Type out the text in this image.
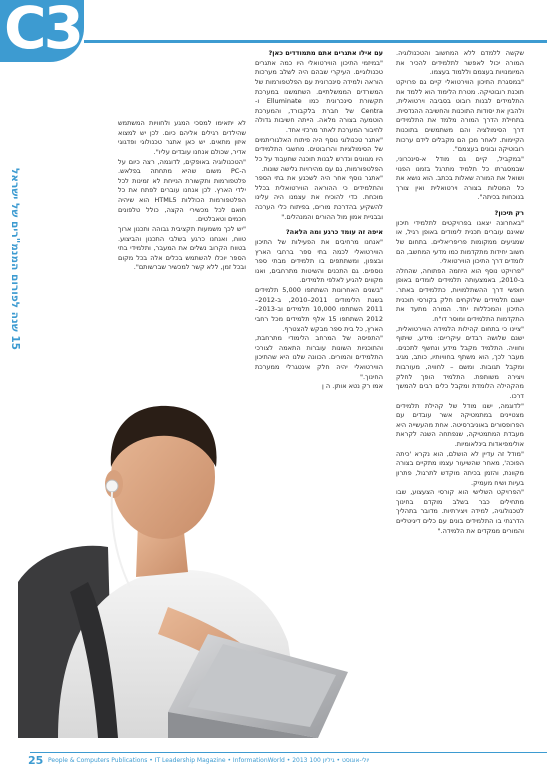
C3
15 שנה לפורום המנמ"רים של ישראל

שקשה ללמדם ללא המחשוב והטכנולוגיה. המורה יכול לאפשר לתלמידים להכיר את המיומנויות בעצמם וללמוד בעצמו.

"במסגרת התיכון הווירטואלי קיים גם פרויקט תוכנת רובוטיקה. מטרת הלימוד הוא ללמד את התלמידים לבנות רובוט בסביבה וירטואלית, ולהבין את יסודות התוכנות והחשיבה ההנדסית. בתחילת הדרך המורה מלמד את התלמידים דרך הסימולציה והם משתמשים בתוכנות הקיימות. לאחר מכן הם מקבלים לידם ערכות רובוטיקה ובונים בעצמם".

"במקביל, קיים גם מודל א-סינכרוני, שבמסגרתו כל תלמיד מתרגל בזמנו הפנוי ושואל את המורה שאלות בכתב. הוא נושא את כל המטלות בצורה וירטואלית ואין צורך בנוכחות בכיתה".

רק תיכון?

"באחרונה יצאנו בפרויקטים לתלמידי תיכון שאינם עוברים תכנית לימודים באופן רגיל, או שמגיעים ממקומות פריפריאליים. בתחום של חשוב יחידות מתקדמות כמו מדעי המחשב, הם לומדים דרך התיכון הווירטואלי.

"פרויקט נוסף הוא היוזמה הפתוחה, שהחלה ב-2010, באמצעותה תלמידים לומדים באופן חופשי דרך ההשתלמויות, כתלמידים באתר. ישנם תלמידים שלוקחים חלק בקורסי תוכנית התיכון והמכללות יחד. המורה מתעד את התקדמות התלמידים ומוסר דו"ח.

"ציינו כי בתחום קהילות הלמידה הווירטואלית, ישנם שלושה רבדים עיקריים: מידע, שיתוף וחוויה. התלמיד מקבל מידע ונחשף לתכנים. מעבר לכך, הוא משתף בחוויותיו, כותב, מגיב ומקבל תגובות. ומשם – לחוויה, מעורבות ויצירה משותפת. התלמיד הופך לחלק מהקהילה הלומדת ומקבל כלים רבים להמשך דרכו.

"לדוגמה, ישנו מודל של קהילת תלמידים מצטיינים במתמטיקה אשר עובדים עם הפרופסורים באוניברסיטה. אחת מהעשייה היא מעבדת המתמטיקה, שנפתחה השנה לקראת אולימפיאדות בינלאומיות.

"מודל זה עדיין לא הושלם, הוא נקרא 'כיתה הפוכה', מאחר שהשיעור עצמו מתקיים בצורה מקוונת, והזמן בכיתה מוקדש לתרגול, פתרון בעיות ושיח מעמיק.

"הפרויקט השלישי הוא קורסי הצעצוע, שבו מתחילים כבר בשלב מוקדם בחינוך לטכנולוגיה, למידה ויצירתיות. מדובר בתהליך הדרגתי בו התלמידים בונים עם כלים דיגיטליים והמורים ממקדים את הלמידה."

עם אילו אתגרים אתם מתמודדים כאן?

"במיזמי התיכון הווירטואלי היו כמה אתגרים טכנולוגיים. העיקרי שבהם היה לשלב מערכות הוראה ולמידה סינכרונית עם הפלטפורמות של המשרדים הממשלתיים. השתמשנו במערכת תקשורת סינכרונית כמו Elluminate ו-Centra של חברת בלקבורד, והמערכת הוטמעה בצורה מלאה. הייתה חשיבות גדולה לחיבור המערכת לאתר מרכזי אחד.

"אתגר טכנולוגי נוסף היה פיתוח האלגוריתמים של הסימולציות והרובוטים. מחשבי התלמידים היו מגוונים ונדרש לבנות תוכנה שתעבוד על כל הפלטפורמות, גם עם מהירויות גלישה שונות.

"אתגר נוסף אחר היה לשכנע את בתי הספר והתלמידים כי ההוראה הווירטואלית בכלל מוכחת. כדי להוכיח את עצמנו היה עלינו להשקיע בהדרכת מורים, בפיתוח כלי הערכה ובבניית אמון מול ההורים והמנהלים."

איפה זה עומד כרגע ומה הלאה?

"אנחנו מרחיבים את הפעילות של התיכון הווירטואלי לכמה בתי ספר ברחבי הארץ ובצפון, ומשתתפים בו תלמידים מבתי ספר נוספים. גם התכנים והשיטות מתרחבים, ואנו מקווים להגיע לאלפי תלמידים.

"בשנים האחרונות השתתפו 5,000 תלמידים בשנת הלימודים 2011–2010, ב-2012–2011 השתתפו 10,000 תלמידים וב-2013–2012 השתתפו 15 אלף תלמידים מכל רחבי הארץ, כל בית ספר מבקש להצטרף.

"התפיסה של המרחב הלימודי מתרחבת, והתוכניות השונות עוברות התאמה לצורכי התלמידים והמורים. הכוונה שלנו היא שהתיכון הווירטואלי יהיה חלק אינטגרלי ממערכת החינוך."

אמו רק נטא אותן. ה ן

לא יתאימו למסכי המגע ולחוויות המשתמש שהילדים רגילים אליהם כיום. לכן יש למצוא איזון מתאים. יש כאן אתגר טכנולוגי ופדגוגי אדיר, שכולם אנחנו עובדים עליו".

"הטכנולוגיה באופקים, לדוגמה, רצה כיום על ה-PC משום שהיא מתחתה בפלאש. פלטפורמות ותקשורת הנייחת לא זמינות לכל ילדי הארץ. לכן אנחנו עוברים לפתח את כל הפלטפורמות הכוללות HTML5 הוא שיהיה תואם לכל מכשירי הקצה, כולל טלפונים חכמים וטאבלטים.

"יש לכך משמעות תקציבית גבוהה ותכנון ארוך טווח, ואנחנו כרגע בשלבי התכנון והביצוע. בטווח הקרוב נשלים את המעבר, ותלמידי בתי הספר יוכלו להשתמש בכלים אלה בכל מקום ובכל זמן, ללא קשר למכשיר שברשותם".

25 People & Computers Publications • IT Leadership Magazine • InformationWorld • 2013 יולי-אוגוסט • גיליון 100
